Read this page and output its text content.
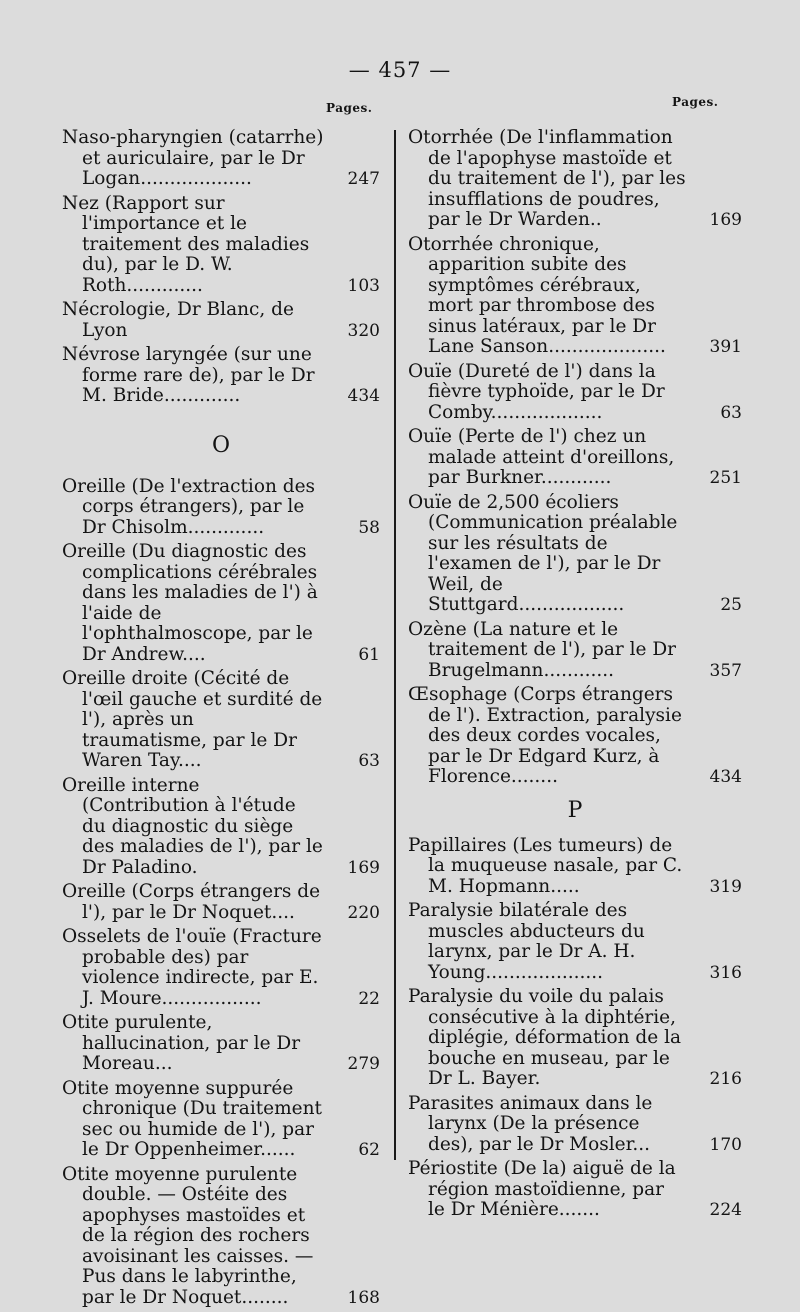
— 457 —
Pages.	Pages.
Naso-pharyngien (catarrhe) et auriculaire, par le Dr Logan...................	247
Nez (Rapport sur l'importance et le traitement des maladies du), par le D. W. Roth.............	103
Nécrologie, Dr Blanc, de Lyon	320
Névrose laryngée (sur une forme rare de), par le Dr M. Bride.............	434
O
Oreille (De l'extraction des corps étrangers), par le Dr Chisolm.............	58
Oreille (Du diagnostic des complications cérébrales dans les maladies de l') à l'aide de l'ophthalmoscope, par le Dr Andrew....	61
Oreille droite (Cécité de l'œil gauche et surdité de l'), après un traumatisme, par le Dr Waren Tay....	63
Oreille interne (Contribution à l'étude du diagnostic du siège des maladies de l'), par le Dr Paladino.	169
Oreille (Corps étrangers de l'), par le Dr Noquet....	220
Osselets de l'ouïe (Fracture probable des) par violence indirecte, par E. J. Moure.................	22
Otite purulente, hallucination, par le Dr Moreau...	279
Otite moyenne suppurée chronique (Du traitement sec ou humide de l'), par le Dr Oppenheimer......	62
Otite moyenne purulente double. — Ostéite des apophyses mastoïdes et de la région des rochers avoisinant les caisses. — Pus dans le labyrinthe, par le Dr Noquet........	168
Otorrhée (De l'inflammation de l'apophyse mastoïde et du traitement de l'), par les insufflations de poudres, par le Dr Warden..	169
Otorrhée chronique, apparition subite des symptômes cérébraux, mort par thrombose des sinus latéraux, par le Dr Lane Sanson....................	391
Ouïe (Dureté de l') dans la fièvre typhoïde, par le Dr Comby...................	63
Ouïe (Perte de l') chez un malade atteint d'oreillons, par Burkner............	251
Ouïe de 2,500 écoliers (Communication préalable sur les résultats de l'examen de l'), par le Dr Weil, de Stuttgard..................	25
Ozène (La nature et le traitement de l'), par le Dr Brugelmann............	357
Œsophage (Corps étrangers de l'). Extraction, paralysie des deux cordes vocales, par le Dr Edgard Kurz, à Florence........	434
P
Papillaires (Les tumeurs) de la muqueuse nasale, par C. M. Hopmann.....	319
Paralysie bilatérale des muscles abducteurs du larynx, par le Dr A. H. Young....................	316
Paralysie du voile du palais consécutive à la diphtérie, diplégie, déformation de la bouche en museau, par le Dr L. Bayer.	216
Parasites animaux dans le larynx (De la présence des), par le Dr Mosler...	170
Périostite (De la) aiguë de la région mastoïdienne, par le Dr Ménière.......	224
